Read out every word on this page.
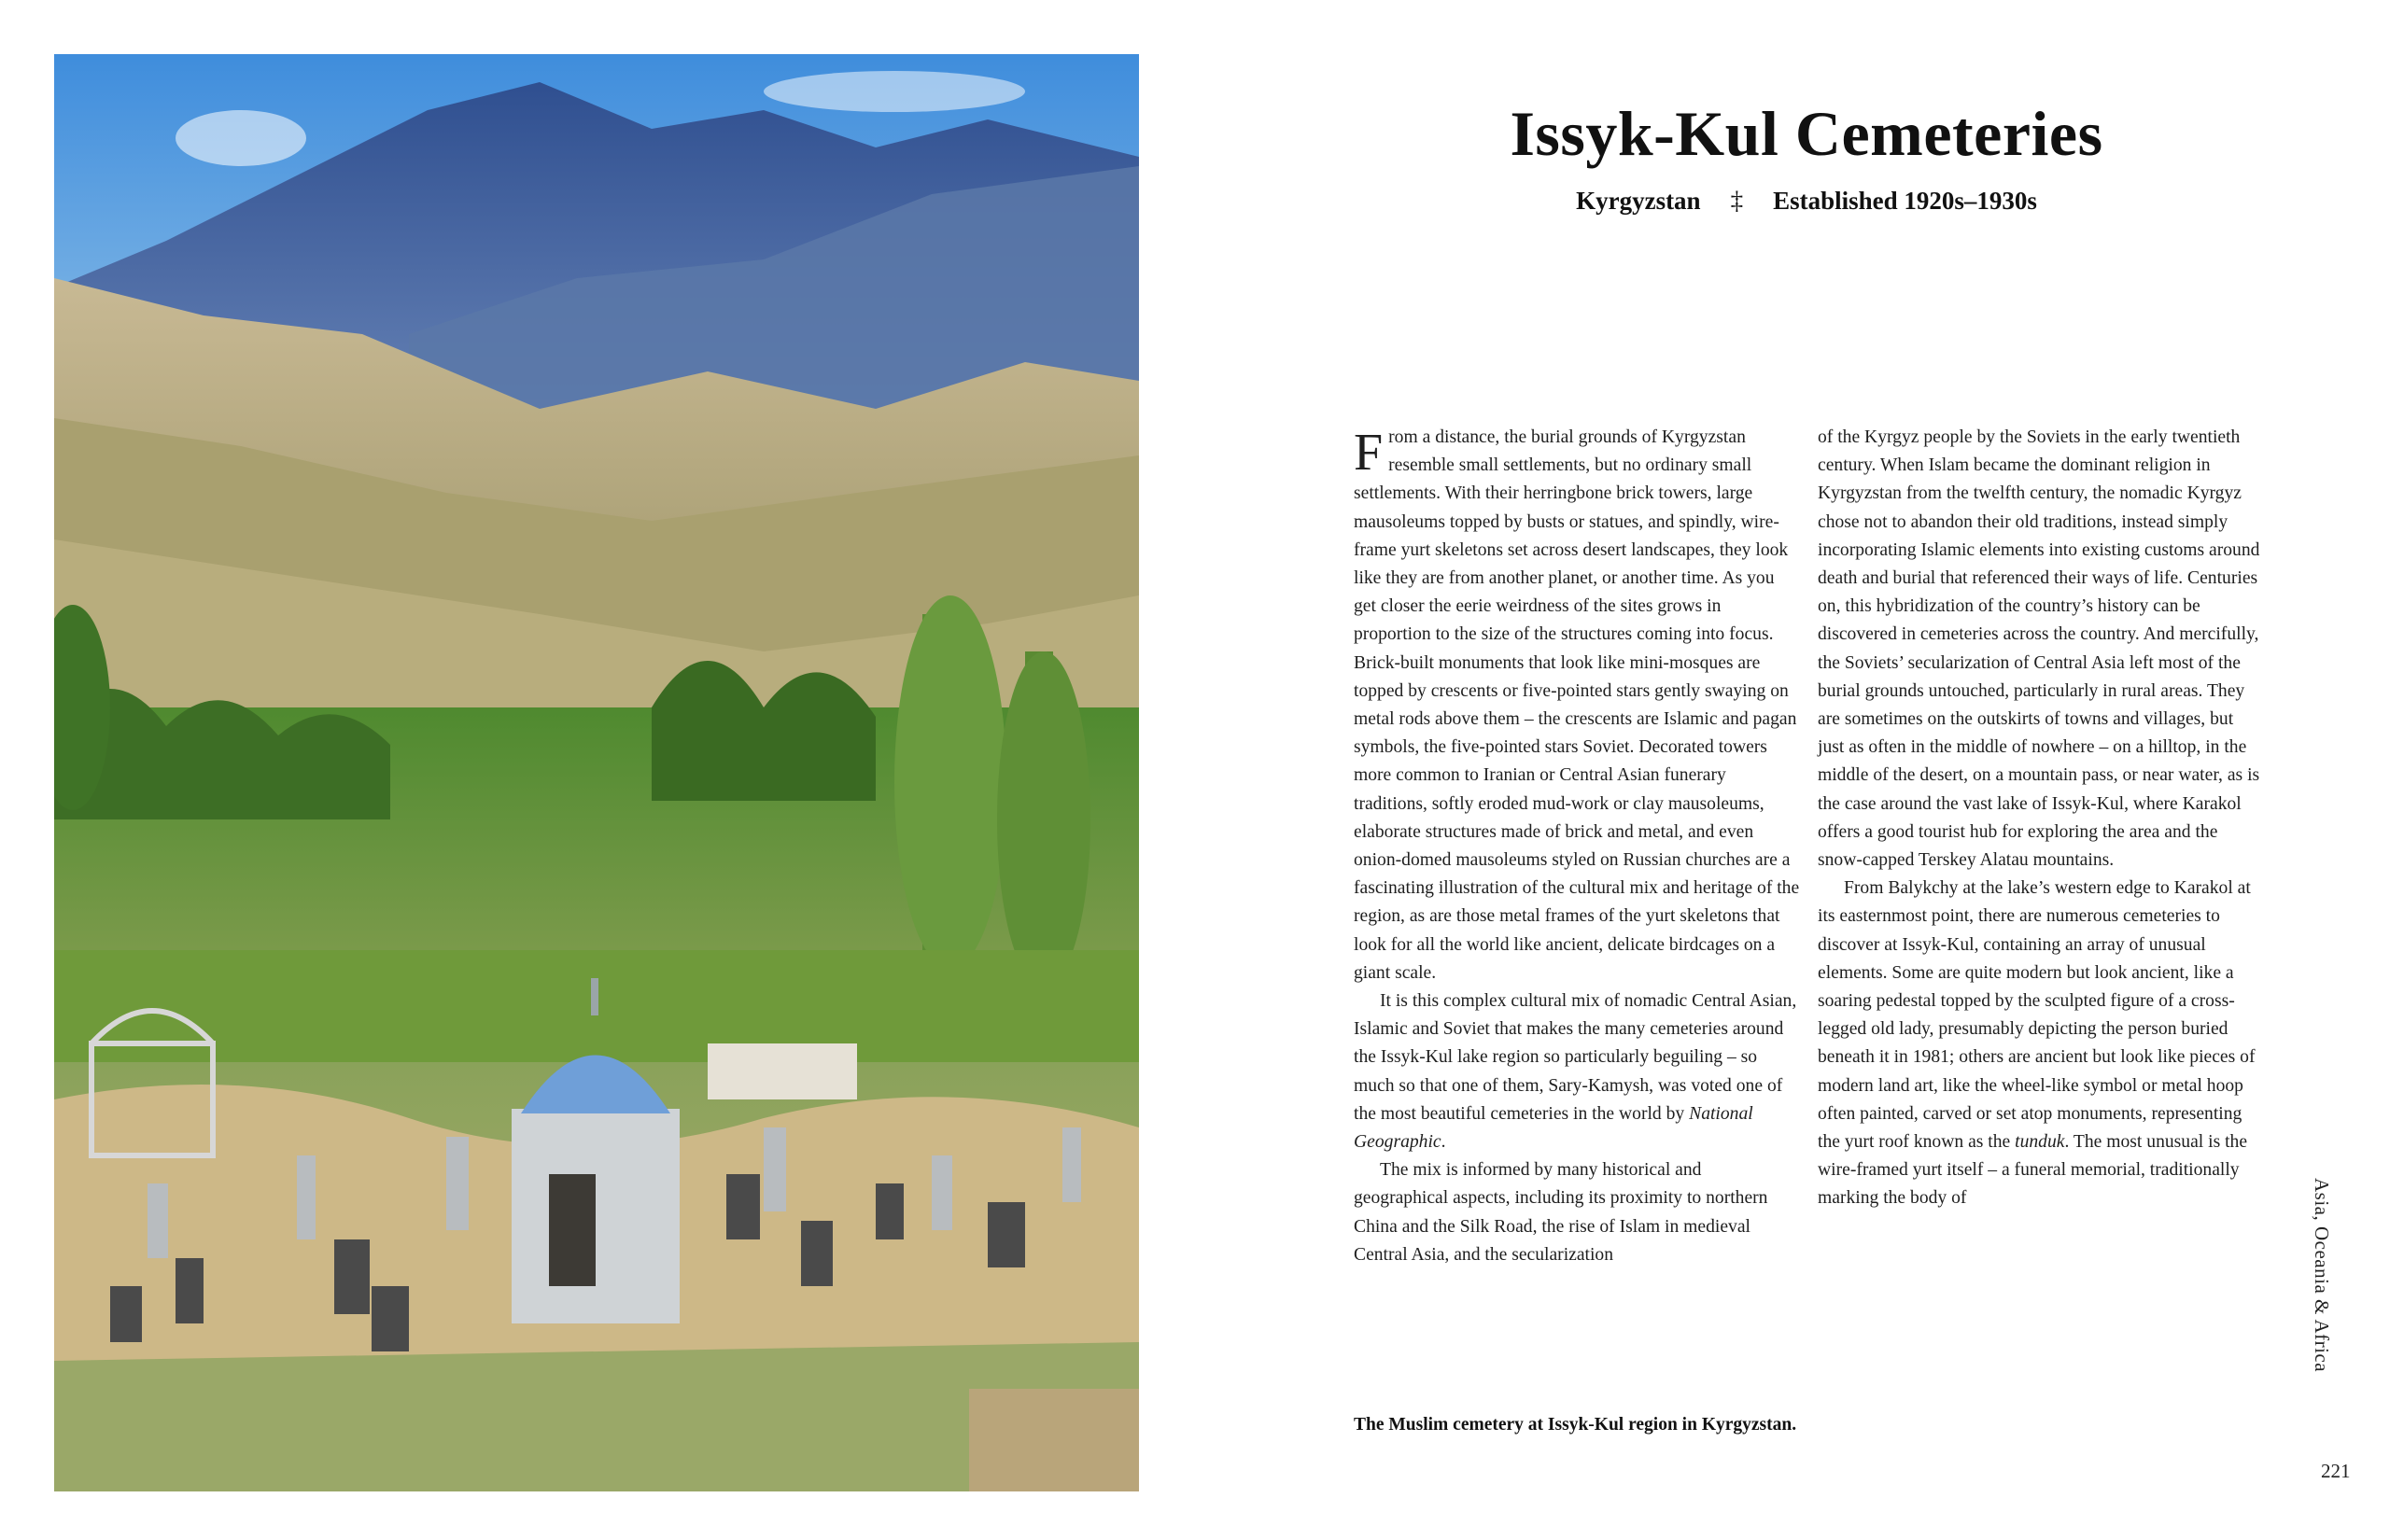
Issyk-Kul Cemeteries
Kyrgyzstan ‡ Established 1920s–1930s

From a distance, the burial grounds of Kyrgyzstan resemble small settlements, but no ordinary small settlements. With their herringbone brick towers, large mausoleums topped by busts or statues, and spindly, wire-frame yurt skeletons set across desert landscapes, they look like they are from another planet, or another time. As you get closer the eerie weirdness of the sites grows in proportion to the size of the structures coming into focus. Brick-built monuments that look like mini-mosques are topped by crescents or five-pointed stars gently swaying on metal rods above them – the crescents are Islamic and pagan symbols, the five-pointed stars Soviet. Decorated towers more common to Iranian or Central Asian funerary traditions, softly eroded mud-work or clay mausoleums, elaborate structures made of brick and metal, and even onion-domed mausoleums styled on Russian churches are a fascinating illustration of the cultural mix and heritage of the region, as are those metal frames of the yurt skeletons that look for all the world like ancient, delicate birdcages on a giant scale.

It is this complex cultural mix of nomadic Central Asian, Islamic and Soviet that makes the many cemeteries around the Issyk-Kul lake region so particularly beguiling – so much so that one of them, Sary-Kamysh, was voted one of the most beautiful cemeteries in the world by National Geographic.

The mix is informed by many historical and geographical aspects, including its proximity to northern China and the Silk Road, the rise of Islam in medieval Central Asia, and the secularization

of the Kyrgyz people by the Soviets in the early twentieth century. When Islam became the dominant religion in Kyrgyzstan from the twelfth century, the nomadic Kyrgyz chose not to abandon their old traditions, instead simply incorporating Islamic elements into existing customs around death and burial that referenced their ways of life. Centuries on, this hybridization of the country’s history can be discovered in cemeteries across the country. And mercifully, the Soviets’ secularization of Central Asia left most of the burial grounds untouched, particularly in rural areas. They are sometimes on the outskirts of towns and villages, but just as often in the middle of nowhere – on a hilltop, in the middle of the desert, on a mountain pass, or near water, as is the case around the vast lake of Issyk-Kul, where Karakol offers a good tourist hub for exploring the area and the snow-capped Terskey Alatau mountains.

From Balykchy at the lake’s western edge to Karakol at its easternmost point, there are numerous cemeteries to discover at Issyk-Kul, containing an array of unusual elements. Some are quite modern but look ancient, like a soaring pedestal topped by the sculpted figure of a cross-legged old lady, presumably depicting the person buried beneath it in 1981; others are ancient but look like pieces of modern land art, like the wheel-like symbol or metal hoop often painted, carved or set atop monuments, representing the yurt roof known as the tunduk. The most unusual is the wire-framed yurt itself – a funeral memorial, traditionally marking the body of

The Muslim cemetery at Issyk-Kul region in Kyrgyzstan.
Asia, Oceania & Africa
221
